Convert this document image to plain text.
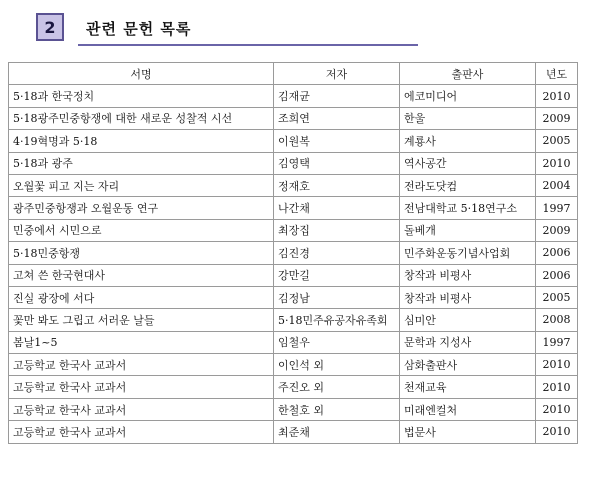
2	관련 문헌 목록
서명	저자	출판사	년도
5·18과 한국정치	김재균	에코미디어	2010
5·18광주민중항쟁에 대한 새로운 성찰적 시선	조희연	한울	2009
4·19혁명과 5·18	이원복	계룡사	2005
5·18과 광주	김영택	역사공간	2010
오월꽃 피고 지는 자리	정재호	전라도닷컴	2004
광주민중항쟁과 오월운동 연구	나간채	전남대학교 5·18연구소	1997
민중에서 시민으로	최장집	돌베개	2009
5·18민중항쟁	김진경	민주화운동기념사업회	2006
고쳐 쓴 한국현대사	강만길	창작과 비평사	2006
진실 광장에 서다	김정남	창작과 비평사	2005
꽃만 봐도 그립고 서러운 날들	5·18민주유공자유족회	심미안	2008
봄날1~5	임철우	문학과 지성사	1997
고등학교 한국사 교과서	이인석 외	삼화출판사	2010
고등학교 한국사 교과서	주진오 외	천재교육	2010
고등학교 한국사 교과서	한철호 외	미래엔컬처	2010
고등학교 한국사 교과서	최준채	법문사	2010
